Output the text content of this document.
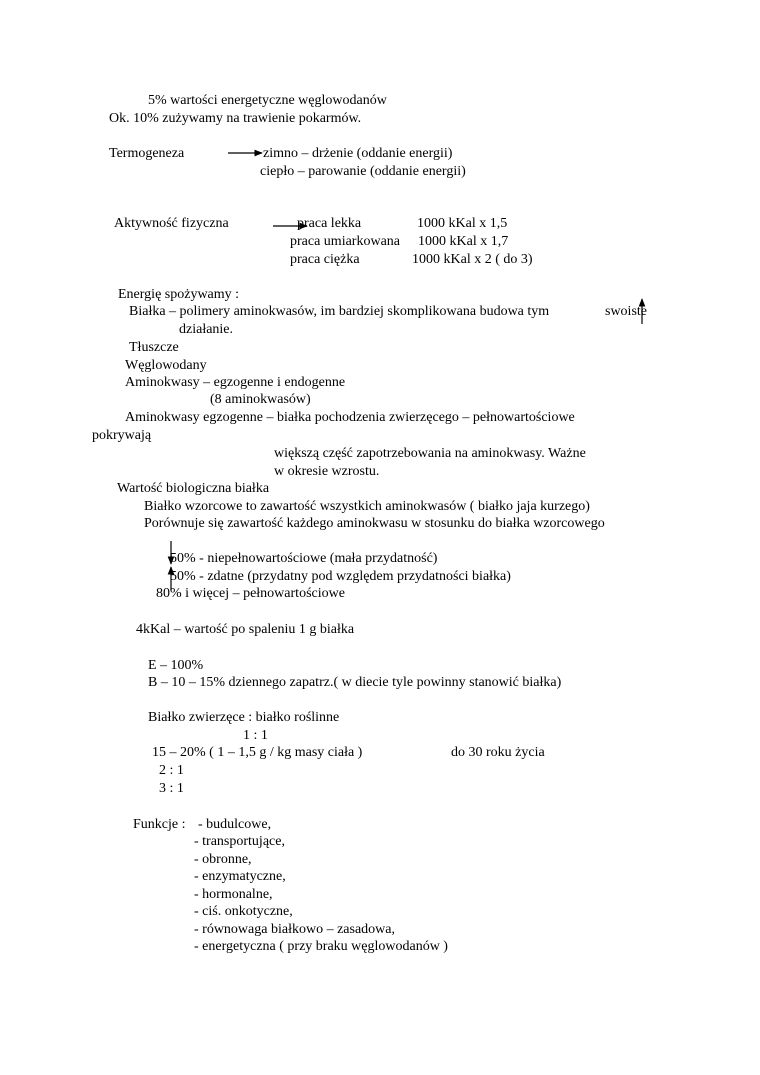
5% wartości energetyczne węglowodanów
Ok. 10% zużywamy na trawienie pokarmów.
Termogeneza	zimno – drżenie (oddanie energii)
ciepło – parowanie (oddanie energii)
Aktywność fizyczna	praca lekka	1000 kKal x 1,5
praca umiarkowana 1000 kKal x 1,7
praca ciężka	1000 kKal x 2 ( do 3)
Energię spożywamy :
Białka – polimery aminokwasów, im bardziej skomplikowana budowa tym	swoiste
działanie.
Tłuszcze
Węglowodany
Aminokwasy – egzogenne i endogenne
(8 aminokwasów)
Aminokwasy egzogenne – białka pochodzenia zwierzęcego – pełnowartościowe
pokrywają
większą część zapotrzebowania na aminokwasy. Ważne
w okresie wzrostu.
Wartość biologiczna białka
Białko wzorcowe to zawartość wszystkich aminokwasów ( białko jaja kurzego)
Porównuje się zawartość każdego aminokwasu w stosunku do białka wzorcowego
50% - niepełnowartościowe (mała przydatność)
50% - zdatne (przydatny pod względem przydatności białka)
80% i więcej – pełnowartościowe
4kKal – wartość po spaleniu 1 g białka
E – 100%
B – 10 – 15% dziennego zapatrz.( w diecie tyle powinny stanowić białka)
Białko zwierzęce : białko roślinne
1 : 1
15 – 20% ( 1 – 1,5 g / kg masy ciała )	do 30 roku życia
2 : 1
3 : 1
Funkcje : - budulcowe,
- transportujące,
- obronne,
- enzymatyczne,
- hormonalne,
- ciś. onkotyczne,
- równowaga białkowo – zasadowa,
- energetyczna ( przy braku węglowodanów )
